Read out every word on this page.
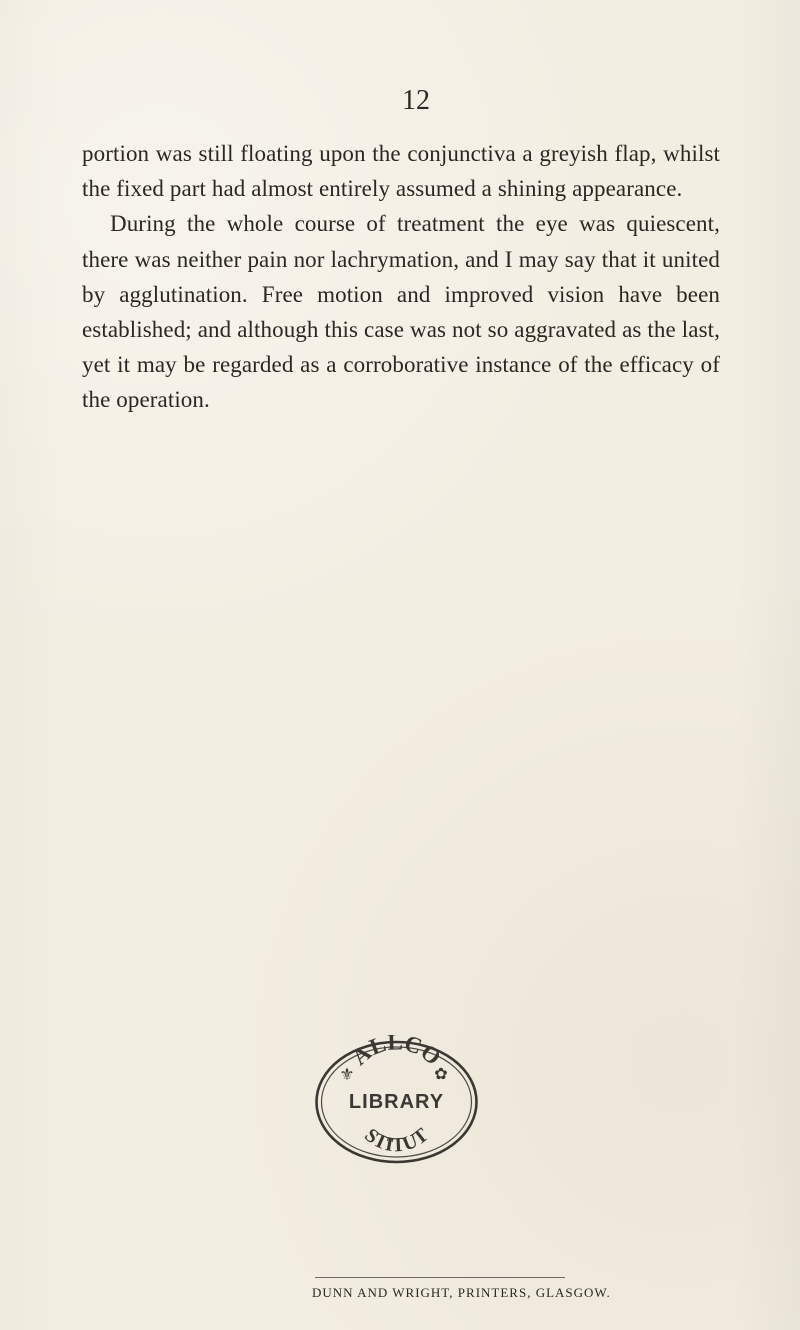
12

portion was still floating upon the conjunctiva a greyish flap, whilst the fixed part had almost entirely assumed a shining appearance.

During the whole course of treatment the eye was quiescent, there was neither pain nor lachrymation, and I may say that it united by agglutination. Free motion and improved vision have been established; and although this case was not so aggravated as the last, yet it may be regarded as a corroborative instance of the efficacy of the operation.

ALLCO
STITUT
LIBRARY
⚜	✿
DUNN AND WRIGHT, PRINTERS, GLASGOW.
